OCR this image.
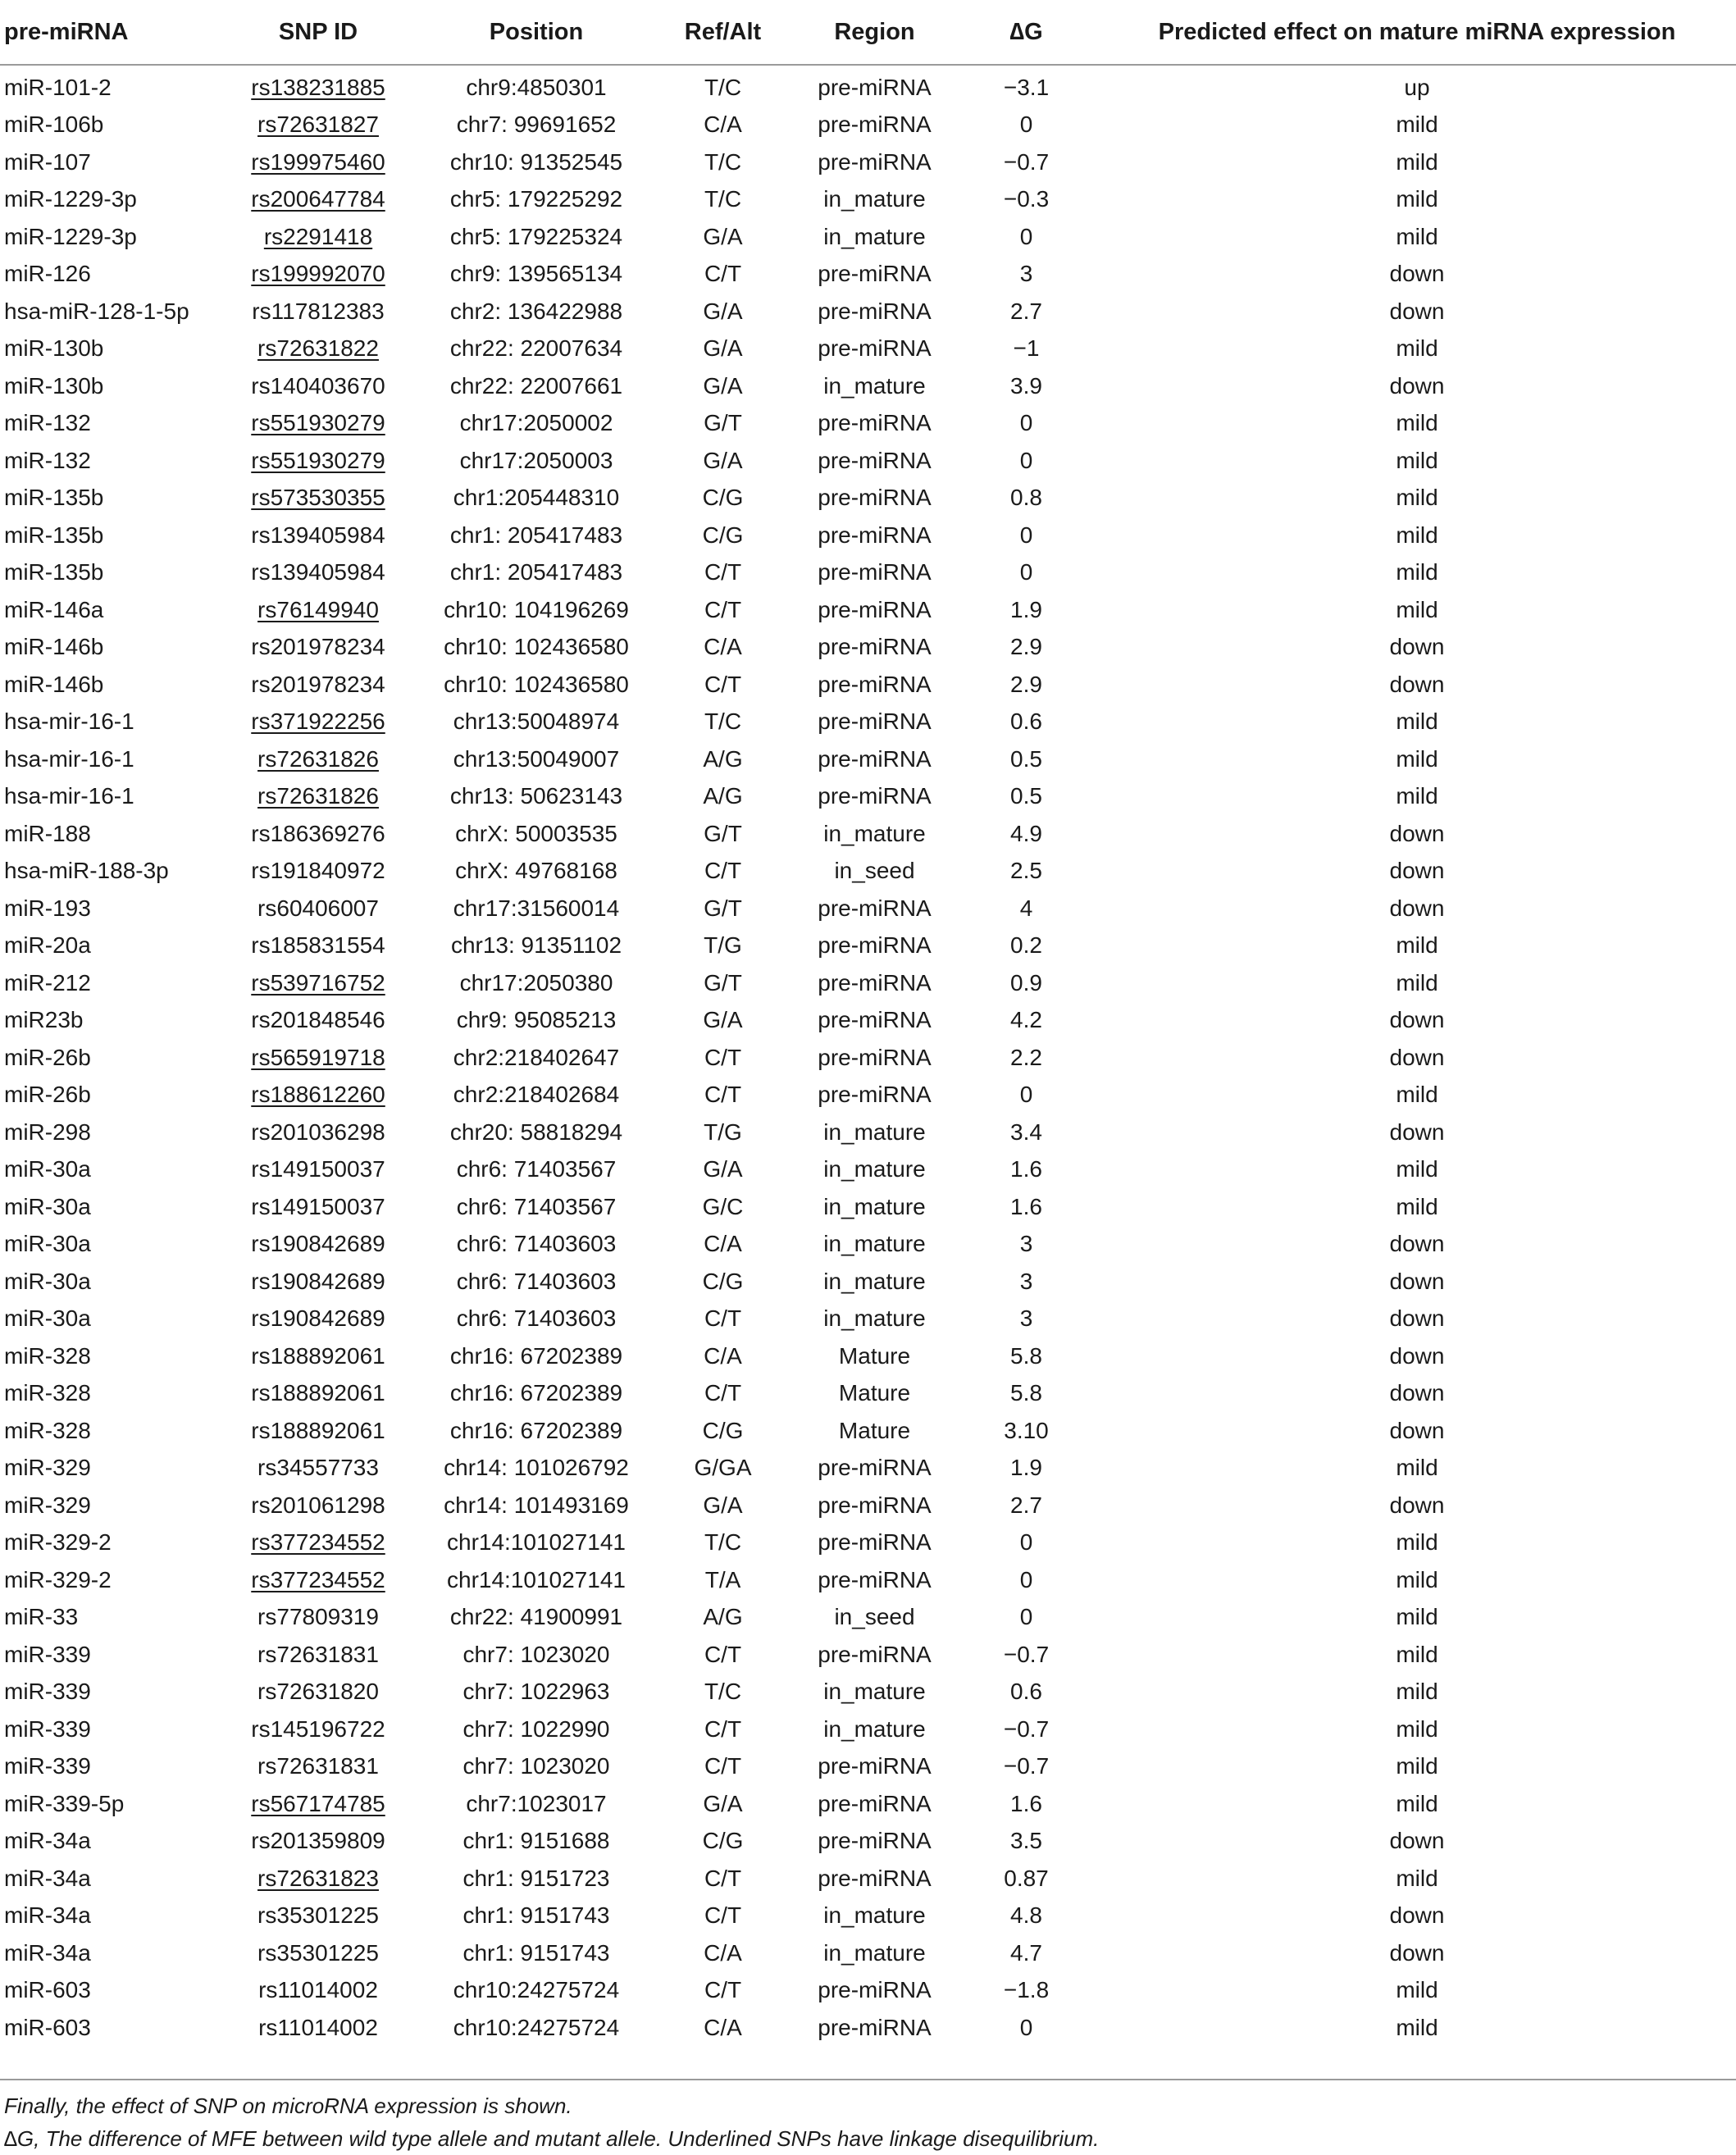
pre-miRNA	SNP ID	Position	Ref/Alt	Region	∆G	Predicted effect on mature miRNA expression
miR-101-2	rs138231885	chr9:4850301	T/C	pre-miRNA	−3.1	up
miR-106b	rs72631827	chr7: 99691652	C/A	pre-miRNA	0	mild
miR-107	rs199975460	chr10: 91352545	T/C	pre-miRNA	−0.7	mild
miR-1229-3p	rs200647784	chr5: 179225292	T/C	in_mature	−0.3	mild
miR-1229-3p	rs2291418	chr5: 179225324	G/A	in_mature	0	mild
miR-126	rs199992070	chr9: 139565134	C/T	pre-miRNA	3	down
hsa-miR-128-1-5p	rs117812383	chr2: 136422988	G/A	pre-miRNA	2.7	down
miR-130b	rs72631822	chr22: 22007634	G/A	pre-miRNA	−1	mild
miR-130b	rs140403670	chr22: 22007661	G/A	in_mature	3.9	down
miR-132	rs551930279	chr17:2050002	G/T	pre-miRNA	0	mild
miR-132	rs551930279	chr17:2050003	G/A	pre-miRNA	0	mild
miR-135b	rs573530355	chr1:205448310	C/G	pre-miRNA	0.8	mild
miR-135b	rs139405984	chr1: 205417483	C/G	pre-miRNA	0	mild
miR-135b	rs139405984	chr1: 205417483	C/T	pre-miRNA	0	mild
miR-146a	rs76149940	chr10: 104196269	C/T	pre-miRNA	1.9	mild
miR-146b	rs201978234	chr10: 102436580	C/A	pre-miRNA	2.9	down
miR-146b	rs201978234	chr10: 102436580	C/T	pre-miRNA	2.9	down
hsa-mir-16-1	rs371922256	chr13:50048974	T/C	pre-miRNA	0.6	mild
hsa-mir-16-1	rs72631826	chr13:50049007	A/G	pre-miRNA	0.5	mild
hsa-mir-16-1	rs72631826	chr13: 50623143	A/G	pre-miRNA	0.5	mild
miR-188	rs186369276	chrX: 50003535	G/T	in_mature	4.9	down
hsa-miR-188-3p	rs191840972	chrX: 49768168	C/T	in_seed	2.5	down
miR-193	rs60406007	chr17:31560014	G/T	pre-miRNA	4	down
miR-20a	rs185831554	chr13: 91351102	T/G	pre-miRNA	0.2	mild
miR-212	rs539716752	chr17:2050380	G/T	pre-miRNA	0.9	mild
miR23b	rs201848546	chr9: 95085213	G/A	pre-miRNA	4.2	down
miR-26b	rs565919718	chr2:218402647	C/T	pre-miRNA	2.2	down
miR-26b	rs188612260	chr2:218402684	C/T	pre-miRNA	0	mild
miR-298	rs201036298	chr20: 58818294	T/G	in_mature	3.4	down
miR-30a	rs149150037	chr6: 71403567	G/A	in_mature	1.6	mild
miR-30a	rs149150037	chr6: 71403567	G/C	in_mature	1.6	mild
miR-30a	rs190842689	chr6: 71403603	C/A	in_mature	3	down
miR-30a	rs190842689	chr6: 71403603	C/G	in_mature	3	down
miR-30a	rs190842689	chr6: 71403603	C/T	in_mature	3	down
miR-328	rs188892061	chr16: 67202389	C/A	Mature	5.8	down
miR-328	rs188892061	chr16: 67202389	C/T	Mature	5.8	down
miR-328	rs188892061	chr16: 67202389	C/G	Mature	3.10	down
miR-329	rs34557733	chr14: 101026792	G/GA	pre-miRNA	1.9	mild
miR-329	rs201061298	chr14: 101493169	G/A	pre-miRNA	2.7	down
miR-329-2	rs377234552	chr14:101027141	T/C	pre-miRNA	0	mild
miR-329-2	rs377234552	chr14:101027141	T/A	pre-miRNA	0	mild
miR-33	rs77809319	chr22: 41900991	A/G	in_seed	0	mild
miR-339	rs72631831	chr7: 1023020	C/T	pre-miRNA	−0.7	mild
miR-339	rs72631820	chr7: 1022963	T/C	in_mature	0.6	mild
miR-339	rs145196722	chr7: 1022990	C/T	in_mature	−0.7	mild
miR-339	rs72631831	chr7: 1023020	C/T	pre-miRNA	−0.7	mild
miR-339-5p	rs567174785	chr7:1023017	G/A	pre-miRNA	1.6	mild
miR-34a	rs201359809	chr1: 9151688	C/G	pre-miRNA	3.5	down
miR-34a	rs72631823	chr1: 9151723	C/T	pre-miRNA	0.87	mild
miR-34a	rs35301225	chr1: 9151743	C/T	in_mature	4.8	down
miR-34a	rs35301225	chr1: 9151743	C/A	in_mature	4.7	down
miR-603	rs11014002	chr10:24275724	C/T	pre-miRNA	−1.8	mild
miR-603	rs11014002	chr10:24275724	C/A	pre-miRNA	0	mild
Finally, the effect of SNP on microRNA expression is shown.
∆G, The difference of MFE between wild type allele and mutant allele. Underlined SNPs have linkage disequilibrium.
